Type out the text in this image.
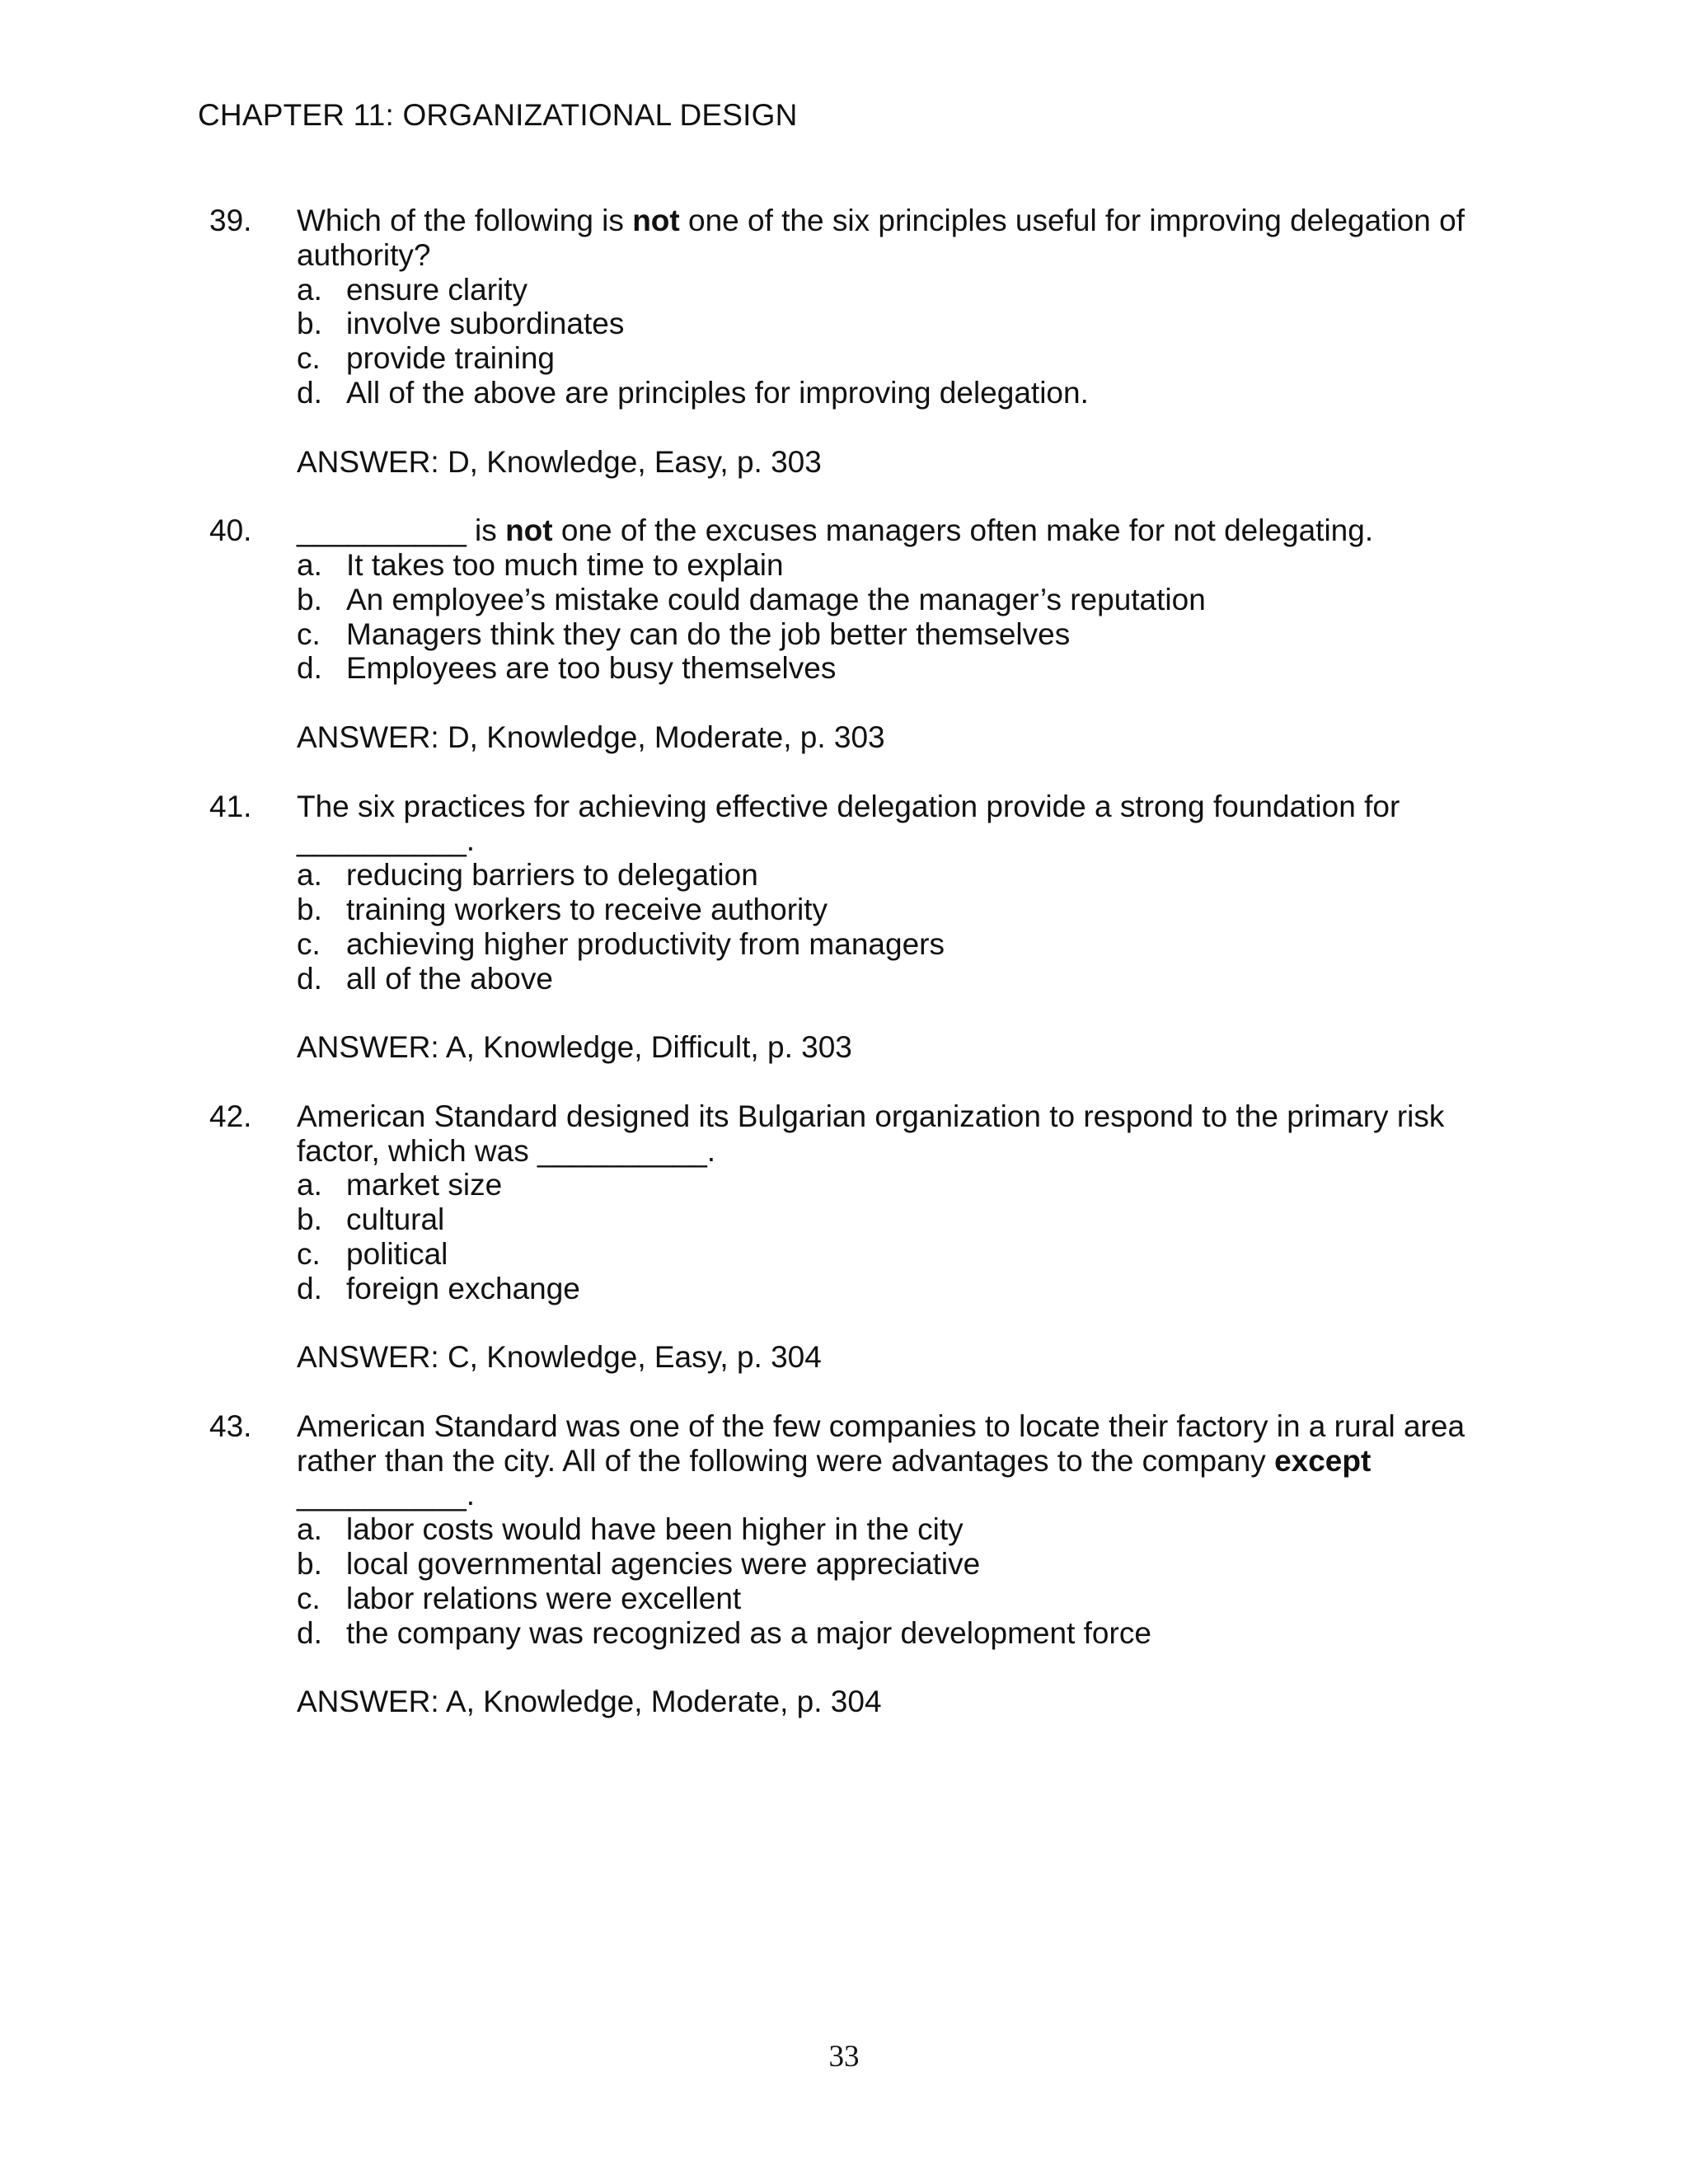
CHAPTER 11: ORGANIZATIONAL DESIGN
39. Which of the following is not one of the six principles useful for improving delegation of authority?
a. ensure clarity
b. involve subordinates
c. provide training
d. All of the above are principles for improving delegation.
ANSWER: D, Knowledge, Easy, p. 303
40. __________ is not one of the excuses managers often make for not delegating.
a. It takes too much time to explain
b. An employee’s mistake could damage the manager’s reputation
c. Managers think they can do the job better themselves
d. Employees are too busy themselves
ANSWER: D, Knowledge, Moderate, p. 303
41. The six practices for achieving effective delegation provide a strong foundation for __________.
a. reducing barriers to delegation
b. training workers to receive authority
c. achieving higher productivity from managers
d. all of the above
ANSWER: A, Knowledge, Difficult, p. 303
42. American Standard designed its Bulgarian organization to respond to the primary risk factor, which was __________.
a. market size
b. cultural
c. political
d. foreign exchange
ANSWER: C, Knowledge, Easy, p. 304
43. American Standard was one of the few companies to locate their factory in a rural area rather than the city. All of the following were advantages to the company except __________.
a. labor costs would have been higher in the city
b. local governmental agencies were appreciative
c. labor relations were excellent
d. the company was recognized as a major development force
ANSWER: A, Knowledge, Moderate, p. 304
33
